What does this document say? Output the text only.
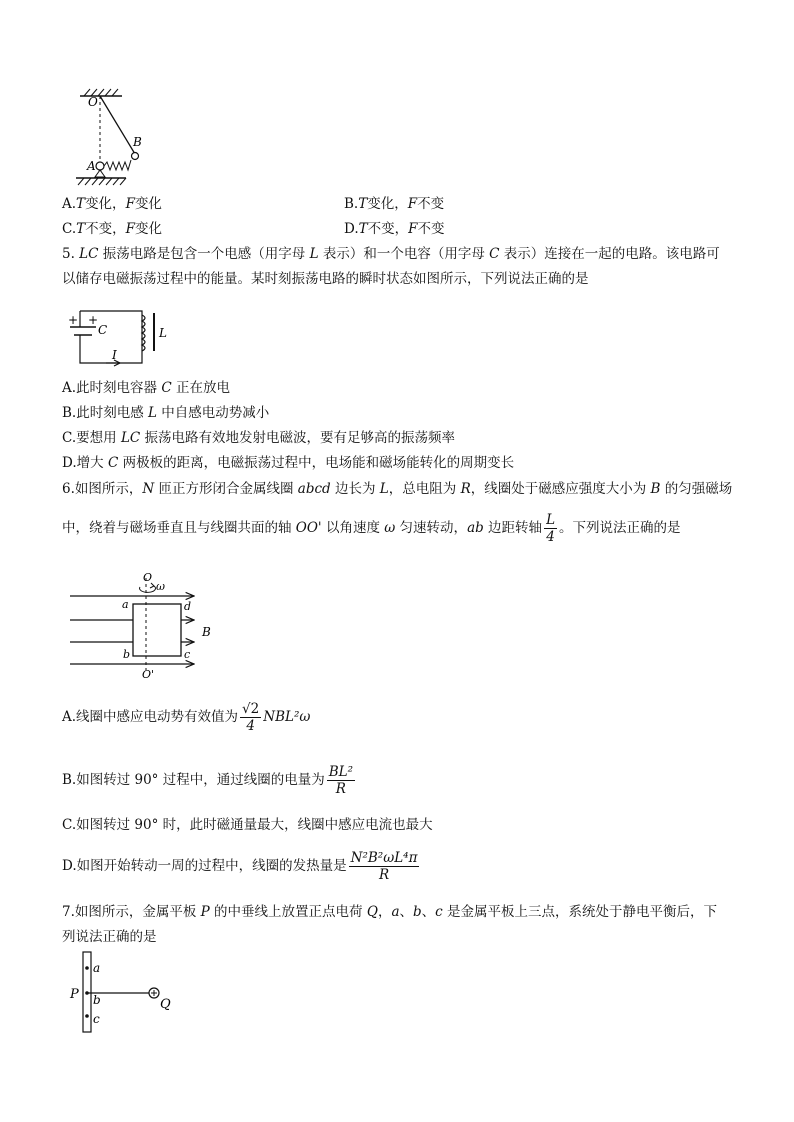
O
B
A
A.T变化，F变化	B.T变化，F不变
C.T不变，F变化	D.T不变，F不变
5. LC 振荡电路是包含一个电感（用字母 L 表示）和一个电容（用字母 C 表示）连接在一起的电路。该电路可
以储存电磁振荡过程中的能量。某时刻振荡电路的瞬时状态如图所示，下列说法正确的是
+ +
C	L
I
A.此时刻电容器 C 正在放电
B.此时刻电感 L 中自感电动势减小
C.要想用 LC 振荡电路有效地发射电磁波，要有足够高的振荡频率
D.增大 C 两极板的距离，电磁振荡过程中，电场能和磁场能转化的周期变长
6.如图所示，N 匝正方形闭合金属线圈 abcd 边长为 L，总电阻为 R，线圈处于磁感应强度大小为 B 的匀强磁场
中，绕着与磁场垂直且与线圈共面的轴 OO' 以角速度 ω 匀速转动，ab 边距转轴 $\frac{L}{4}$ 。下列说法正确的是
O
ω
a	d
B
b	c
O'
A.线圈中感应电动势有效值为 $\frac{√2}{4} NBL^2\omega$
B.如图转过 90° 过程中，通过线圈的电量为 $\frac{\text{BL²}}{R}$
C.如图转过 90° 时，此时磁通量最大，线圈中感应电流也最大
D.如图开始转动一周的过程中，线圈的发热量是 $\frac{\text{N²B²ωL⁴π}}{R}$
7.如图所示，金属平板 P 的中垂线上放置正点电荷 Q，a、b、c 是金属平板上三点，系统处于静电平衡后，下
列说法正确的是
a
P b
c
Q
